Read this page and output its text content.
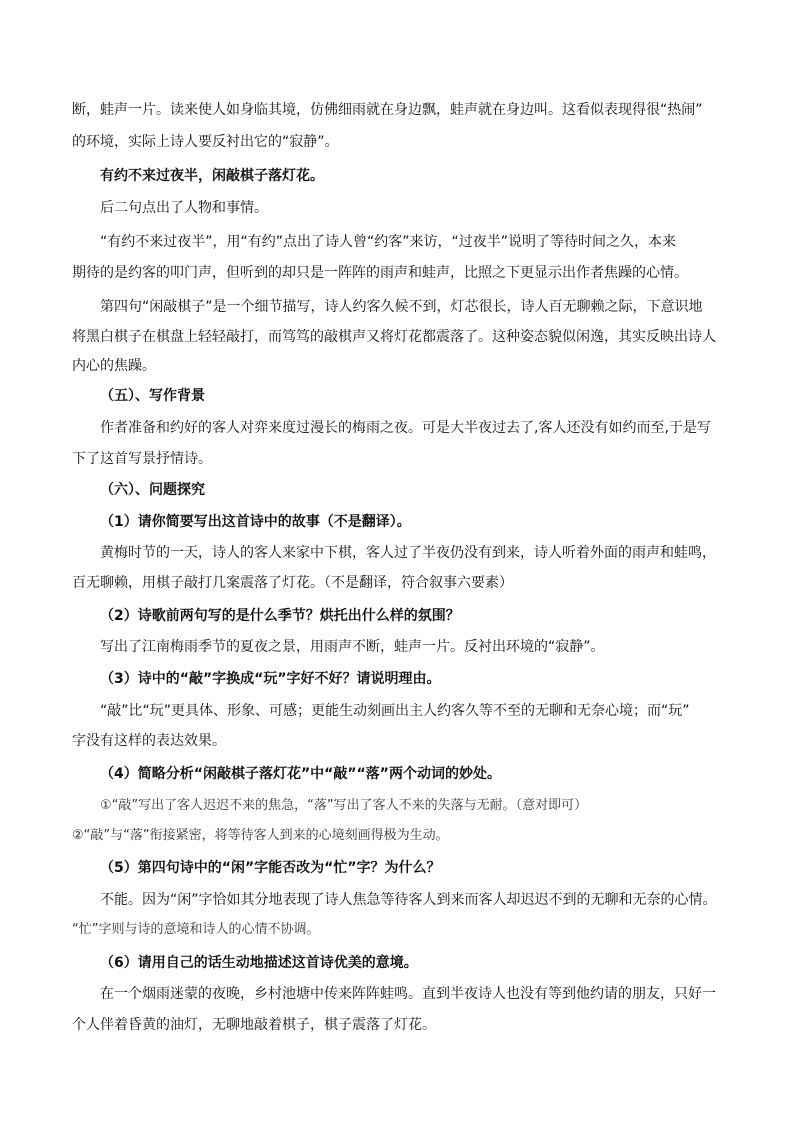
断，蛙声一片。读来使人如身临其境，仿佛细雨就在身边飘，蛙声就在身边叫。这看似表现得很“热闹”
的环境，实际上诗人要反衬出它的“寂静”。
有约不来过夜半，闲敲棋子落灯花。
后二句点出了人物和事情。
“有约不来过夜半”，用“有约”点出了诗人曾“约客”来访，“过夜半”说明了等待时间之久，本来
期待的是约客的叩门声，但听到的却只是一阵阵的雨声和蛙声，比照之下更显示出作者焦躁的心情。
第四句“闲敲棋子”是一个细节描写，诗人约客久候不到，灯芯很长，诗人百无聊赖之际，下意识地
将黑白棋子在棋盘上轻轻敲打，而笃笃的敲棋声又将灯花都震落了。这种姿态貌似闲逸，其实反映出诗人
内心的焦躁。
（五）、写作背景
作者准备和约好的客人对弈来度过漫长的梅雨之夜。可是大半夜过去了,客人还没有如约而至,于是写
下了这首写景抒情诗。
（六）、问题探究
（1）请你简要写出这首诗中的故事（不是翻译）。
黄梅时节的一天，诗人的客人来家中下棋，客人过了半夜仍没有到来，诗人听着外面的雨声和蛙鸣，
百无聊赖，用棋子敲打几案震落了灯花。（不是翻译，符合叙事六要素）
（2）诗歌前两句写的是什么季节？烘托出什么样的氛围？
写出了江南梅雨季节的夏夜之景，用雨声不断，蛙声一片。反衬出环境的“寂静”。
（3）诗中的“敲”字换成“玩”字好不好？请说明理由。
“敲”比“玩”更具体、形象、可感；更能生动刻画出主人约客久等不至的无聊和无奈心境；而“玩”
字没有这样的表达效果。
（4）简略分析“闲敲棋子落灯花”中“敲”“落”两个动词的妙处。
①“敲”写出了客人迟迟不来的焦急，“落”写出了客人不来的失落与无耐。（意对即可）
②“敲”与“落”衔接紧密，将等待客人到来的心境刻画得极为生动。
（5）第四句诗中的“闲”字能否改为“忙”字？为什么？
不能。因为“闲”字恰如其分地表现了诗人焦急等待客人到来而客人却迟迟不到的无聊和无奈的心情。
“忙”字则与诗的意境和诗人的心情不协调。
（6）请用自己的话生动地描述这首诗优美的意境。
在一个烟雨迷蒙的夜晚，乡村池塘中传来阵阵蛙鸣。直到半夜诗人也没有等到他约请的朋友，只好一
个人伴着昏黄的油灯，无聊地敲着棋子，棋子震落了灯花。
